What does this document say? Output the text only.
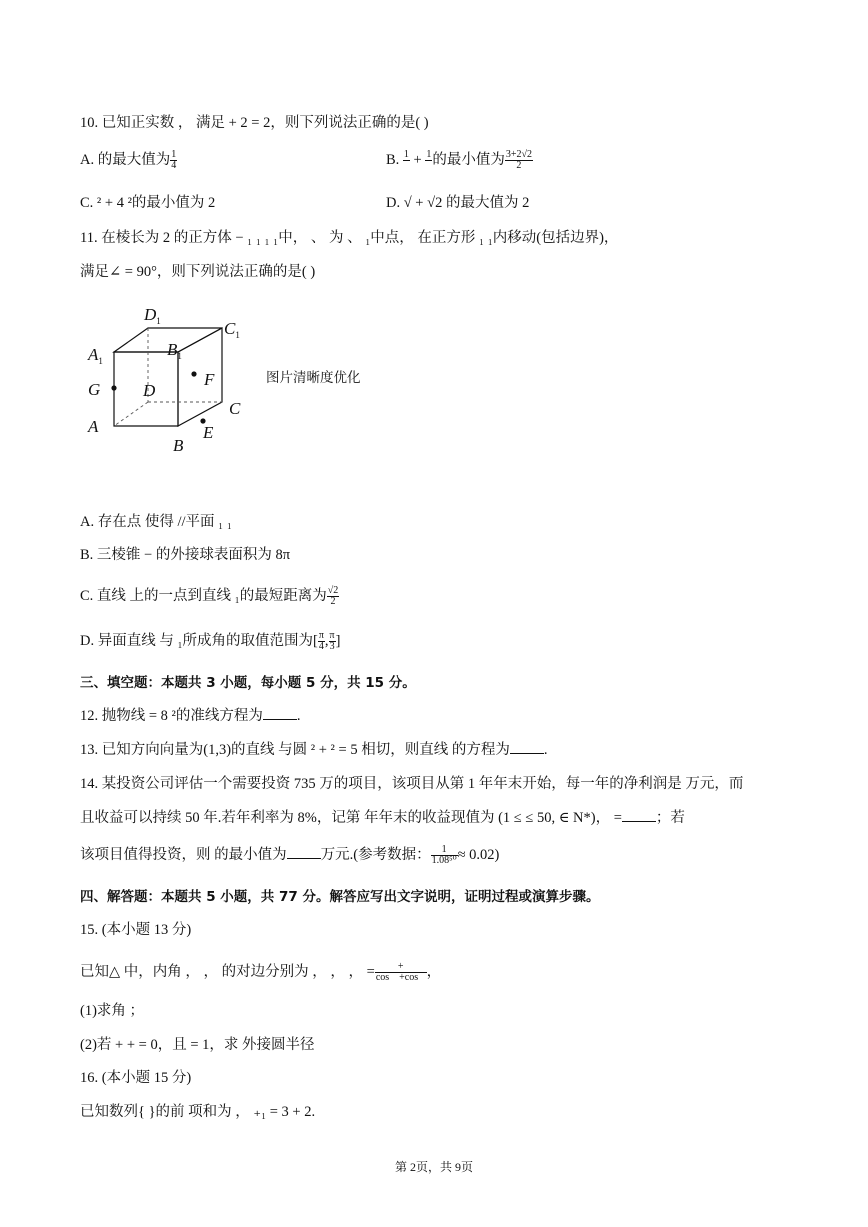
10. 已知正实数 ， 满足 + 2 = 2，则下列说法正确的是( )
A. 的最大值为 $\frac{1}{4}$	B. 1
+ 1
的最小值为 $\frac{3+2√2}{2}$
C. ² + 4 ²的最小值为 2	D. √ + √2 的最大值为 2
11. 在棱长为 2 的正方体 − ₁ ₁ ₁ ₁中， 、 为 、 ₁中点， 在正方形 ₁ ₁内移动(包括边界)，
满足∠ = 90°，则下列说法正确的是( )
$D_1$	$C_1$
$A_1$
$B_1$
G	D
F
C
A	E
B
图片清晰度优化
A. 存在点 使得 //平面 ₁ ₁
B. 三棱锥 − 的外接球表面积为 8π
C. 直线 上的一点到直线 ₁的最短距离为 $\frac{√2}{2}$
D. 异面直线 与 ₁所成角的取值范围为[ $\frac{\pi}{4}$ , $\frac{\pi}{3}$ ]
三、填空题：本题共 3 小题，每小题 5 分，共 15 分。
12. 抛物线 = 8 ²的准线方程为 .
13. 已知方向向量为(1,3)的直线 与圆 ² + ² = 5 相切，则直线 的方程为 .
14. 某投资公司评估一个需要投资 735 万的项目，该项目从第 1 年年末开始，每一年的净利润是 万元，而
且收益可以持续 50 年.若年利率为 8%，记第 年年末的收益现值为 (1 ≤ ≤ 50, ∈ N*)， = ；若
该项目值得投资，则 的最小值为 万元.(参考数据： $\frac{1}{\text{1.08⁵⁰}} \approx 0.02$)
四、解答题：本题共 5 小题，共 77 分。解答应写出文字说明，证明过程或演算步骤。
15. (本小题 13 分)
已知△ 中，内角 ， ， 的对边分别为 ， ， ， = $\frac{+}{\cos +\cos}$ ，
(1)求角 ；
(2)若 + + = 0，且 = 1，求 外接圆半径
16. (本小题 15 分)
已知数列{ }的前 项和为 ， ₊₁ = 3 + 2.
第 2页，共 9页
